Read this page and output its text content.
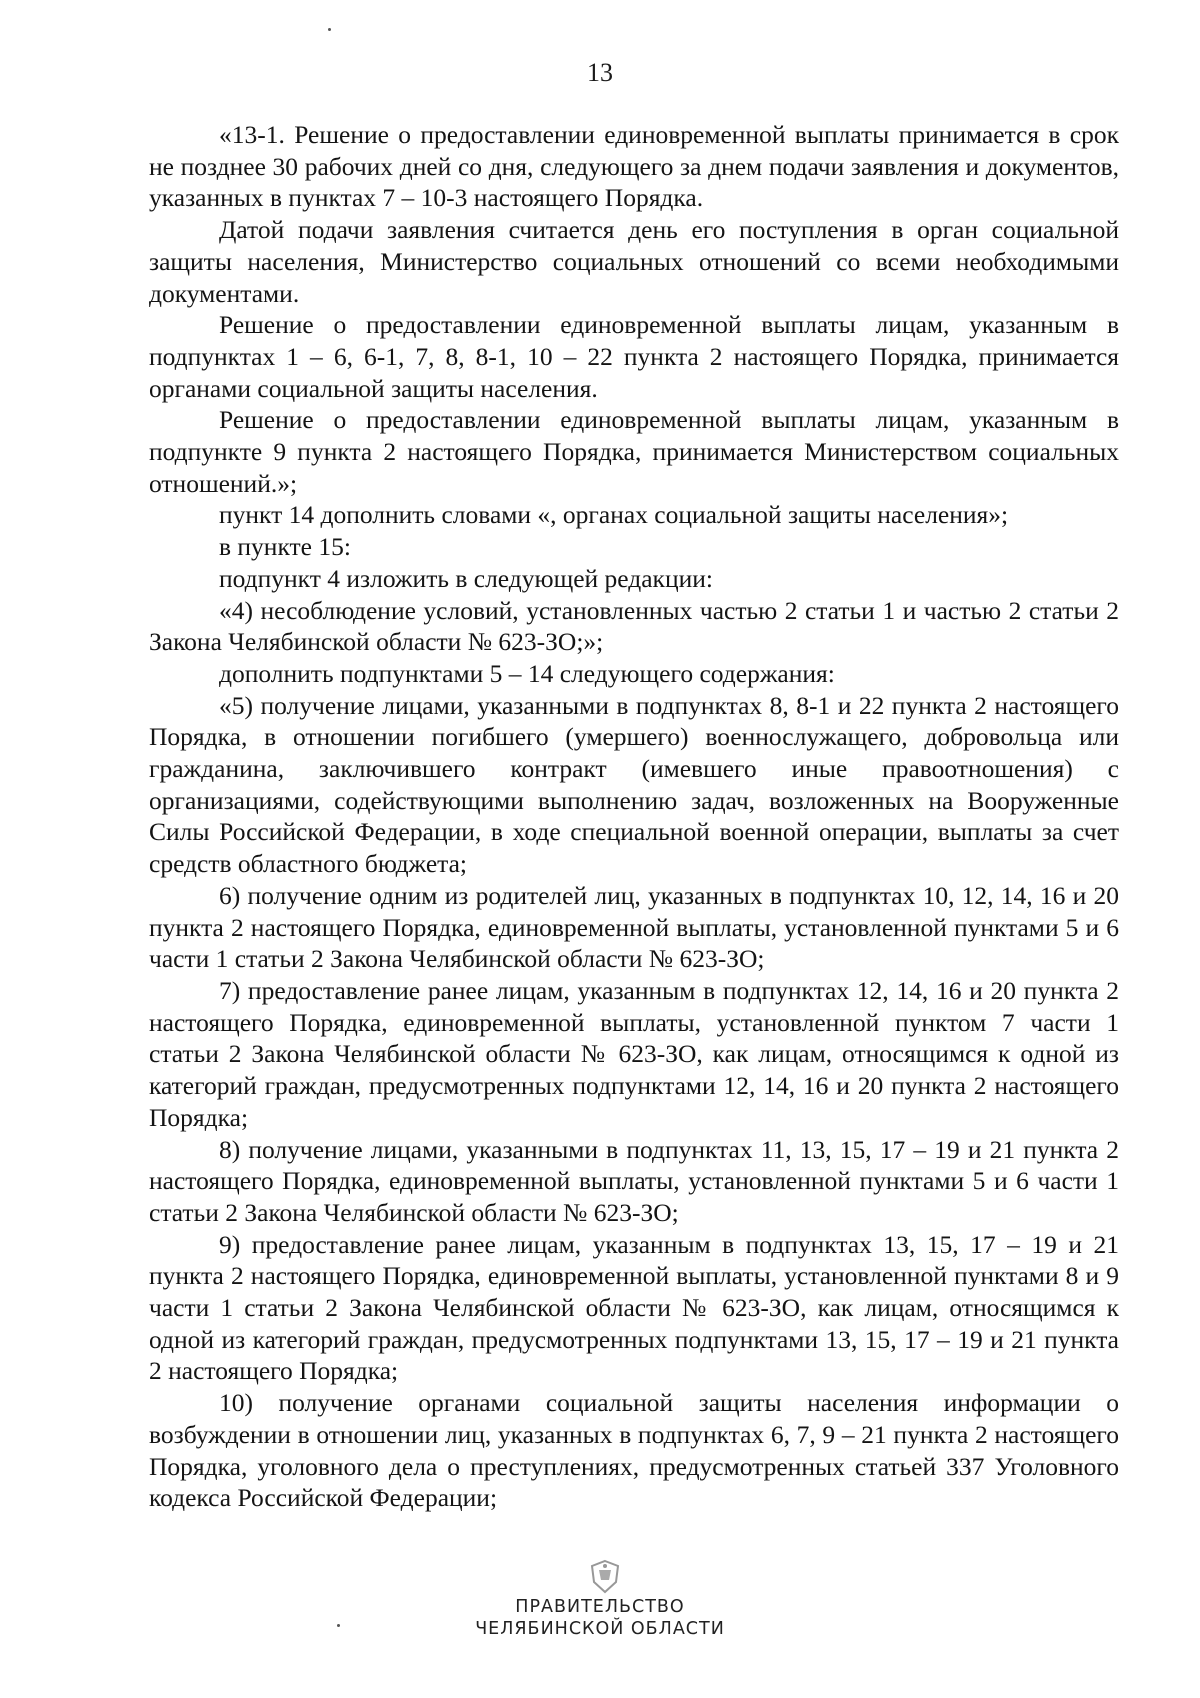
13

«13-1. Решение о предоставлении единовременной выплаты принимается в срок не позднее 30 рабочих дней со дня, следующего за днем подачи заявления и документов, указанных в пунктах 7 – 10-3 настоящего Порядка.

Датой подачи заявления считается день его поступления в орган социальной защиты населения, Министерство социальных отношений со всеми необходимыми документами.

Решение о предоставлении единовременной выплаты лицам, указанным в подпунктах 1 – 6, 6-1, 7, 8, 8-1, 10 – 22 пункта 2 настоящего Порядка, принимается органами социальной защиты населения.

Решение о предоставлении единовременной выплаты лицам, указанным в подпункте 9 пункта 2 настоящего Порядка, принимается Министерством социальных отношений.»;

пункт 14 дополнить словами «, органах социальной защиты населения»;

в пункте 15:

подпункт 4 изложить в следующей редакции:

«4) несоблюдение условий, установленных частью 2 статьи 1 и частью 2 статьи 2 Закона Челябинской области № 623-ЗО;»;

дополнить подпунктами 5 – 14 следующего содержания:

«5) получение лицами, указанными в подпунктах 8, 8-1 и 22 пункта 2 настоящего Порядка, в отношении погибшего (умершего) военнослужащего, добровольца или гражданина, заключившего контракт (имевшего иные правоотношения) с организациями, содействующими выполнению задач, возложенных на Вооруженные Силы Российской Федерации, в ходе специальной военной операции, выплаты за счет средств областного бюджета;

6) получение одним из родителей лиц, указанных в подпунктах 10, 12, 14, 16 и 20 пункта 2 настоящего Порядка, единовременной выплаты, установленной пунктами 5 и 6 части 1 статьи 2 Закона Челябинской области № 623-ЗО;

7) предоставление ранее лицам, указанным в подпунктах 12, 14, 16 и 20 пункта 2 настоящего Порядка, единовременной выплаты, установленной пунктом 7 части 1 статьи 2 Закона Челябинской области № 623-ЗО, как лицам, относящимся к одной из категорий граждан, предусмотренных подпунктами 12, 14, 16 и 20 пункта 2 настоящего Порядка;

8) получение лицами, указанными в подпунктах 11, 13, 15, 17 – 19 и 21 пункта 2 настоящего Порядка, единовременной выплаты, установленной пунктами 5 и 6 части 1 статьи 2 Закона Челябинской области № 623-ЗО;

9) предоставление ранее лицам, указанным в подпунктах 13, 15, 17 – 19 и 21 пункта 2 настоящего Порядка, единовременной выплаты, установленной пунктами 8 и 9 части 1 статьи 2 Закона Челябинской области № 623-ЗО, как лицам, относящимся к одной из категорий граждан, предусмотренных подпунктами 13, 15, 17 – 19 и 21 пункта 2 настоящего Порядка;

10) получение органами социальной защиты населения информации о возбуждении в отношении лиц, указанных в подпунктах 6, 7, 9 – 21 пункта 2 настоящего Порядка, уголовного дела о преступлениях, предусмотренных статьей 337 Уголовного кодекса Российской Федерации;

ПРАВИТЕЛЬСТВО
ЧЕЛЯБИНСКОЙ ОБЛАСТИ
